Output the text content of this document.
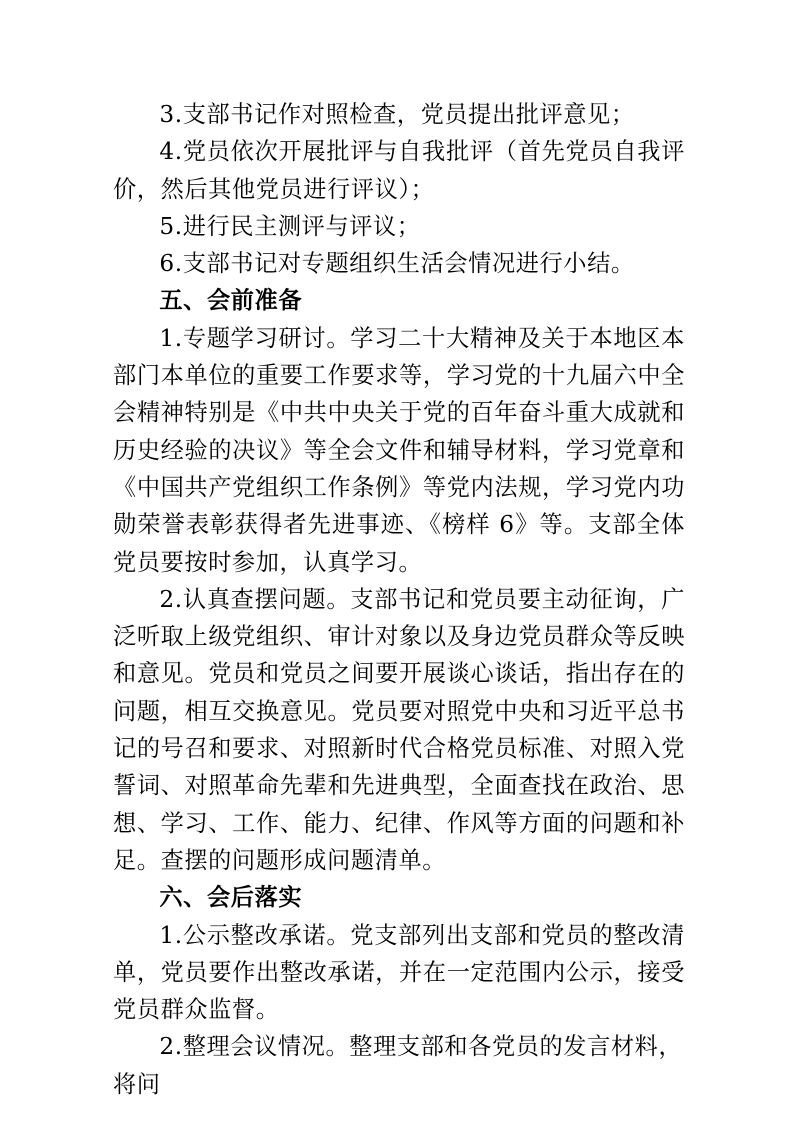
3.支部书记作对照检查，党员提出批评意见；

4.党员依次开展批评与自我批评（首先党员自我评价，然后其他党员进行评议）；

5.进行民主测评与评议；

6.支部书记对专题组织生活会情况进行小结。

五、会前准备

1.专题学习研讨。学习二十大精神及关于本地区本部门本单位的重要工作要求等，学习党的十九届六中全会精神特别是《中共中央关于党的百年奋斗重大成就和历史经验的决议》等全会文件和辅导材料，学习党章和《中国共产党组织工作条例》等党内法规，学习党内功勋荣誉表彰获得者先进事迹、《榜样 6》等。支部全体党员要按时参加，认真学习。

2.认真查摆问题。支部书记和党员要主动征询，广泛听取上级党组织、审计对象以及身边党员群众等反映和意见。党员和党员之间要开展谈心谈话，指出存在的问题，相互交换意见。党员要对照党中央和习近平总书记的号召和要求、对照新时代合格党员标准、对照入党誓词、对照革命先辈和先进典型，全面查找在政治、思想、学习、工作、能力、纪律、作风等方面的问题和补足。查摆的问题形成问题清单。

六、会后落实

1.公示整改承诺。党支部列出支部和党员的整改清单，党员要作出整改承诺，并在一定范围内公示，接受党员群众监督。

2.整理会议情况。整理支部和各党员的发言材料，将问
